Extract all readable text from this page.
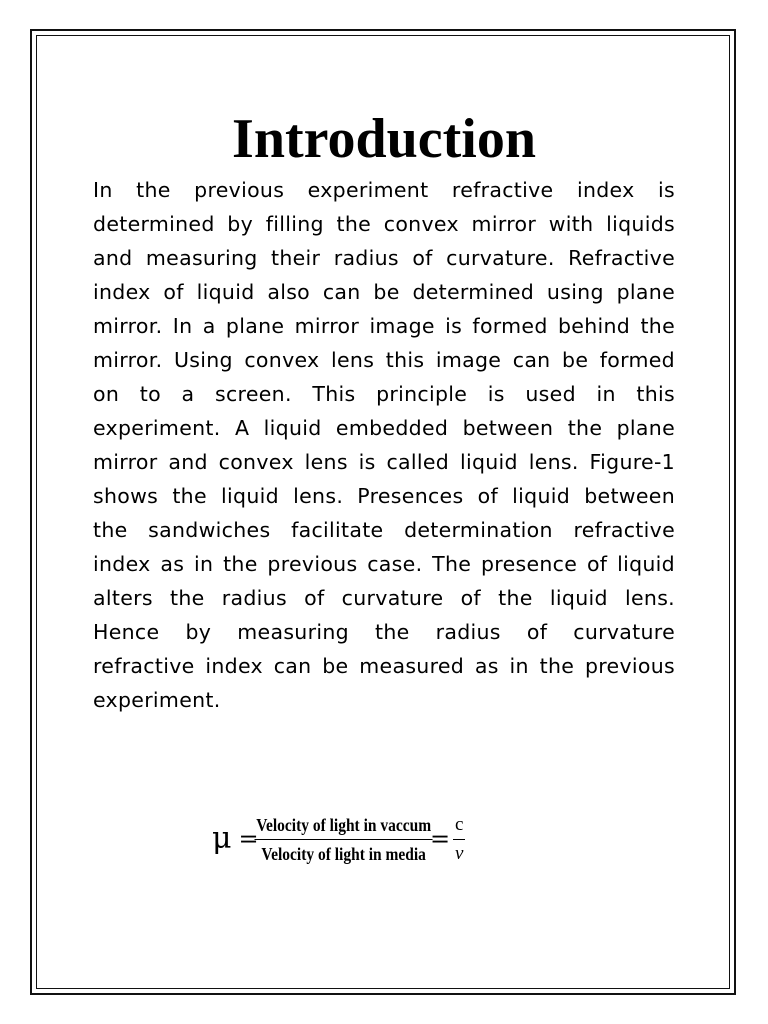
Introduction

In the previous experiment refractive index is determined by filling the convex mirror with liquids and measuring their radius of curvature. Refractive index of liquid also can be determined using plane mirror. In a plane mirror image is formed behind the mirror. Using convex lens this image can be formed on to a screen. This principle is used in this experiment. A liquid embedded between the plane mirror and convex lens is called liquid lens. Figure-1 shows the liquid lens. Presences of liquid between the sandwiches facilitate determination refractive index as in the previous case. The presence of liquid alters the radius of curvature of the liquid lens. Hence by measuring the radius of curvature refractive index can be measured as in the previous experiment.

μ =
$\frac{\text{Velocity of light in vaccum}}{\text{Velocity of light in media}}$
= $\frac{c}{v}$
